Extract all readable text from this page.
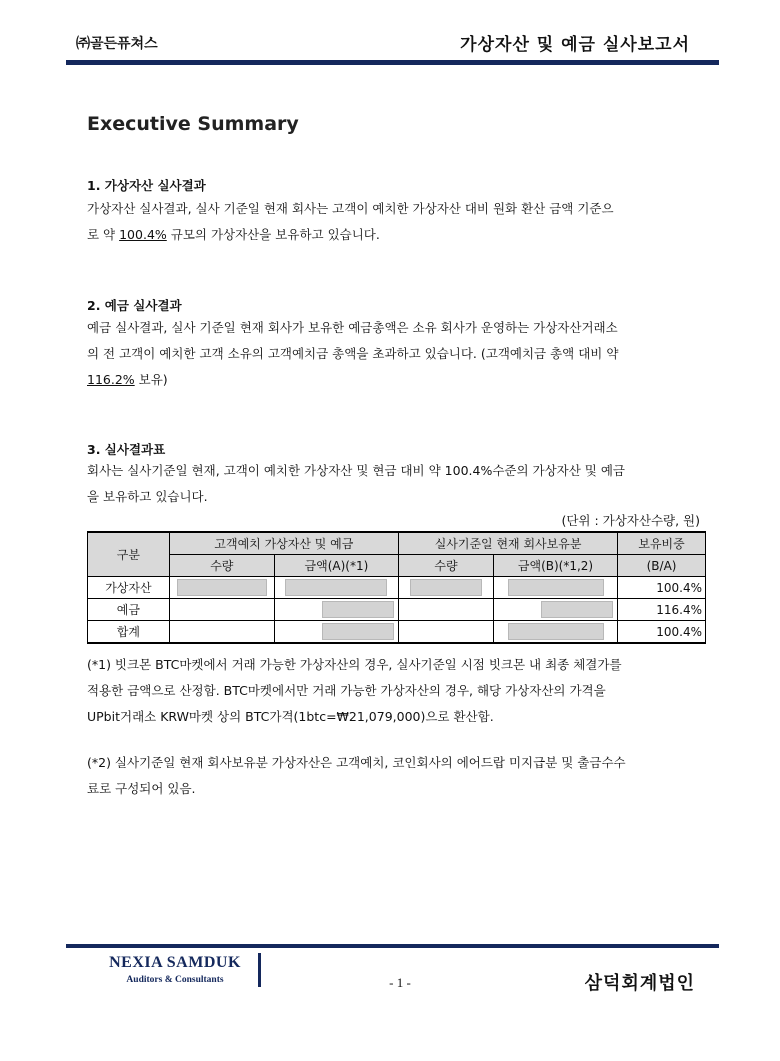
㈜골든퓨쳐스	가상자산 및 예금 실사보고서
Executive Summary
1. 가상자산 실사결과
가상자산 실사결과, 실사 기준일 현재 회사는 고객이 예치한 가상자산 대비 원화 환산 금액 기준으
로 약 100.4% 규모의 가상자산을 보유하고 있습니다.
2. 예금 실사결과
예금 실사결과, 실사 기준일 현재 회사가 보유한 예금총액은 소유 회사가 운영하는 가상자산거래소
의 전 고객이 예치한 고객 소유의 고객예치금 총액을 초과하고 있습니다. (고객예치금 총액 대비 약
116.2% 보유)
3. 실사결과표
회사는 실사기준일 현재, 고객이 예치한 가상자산 및 현금 대비 약 100.4%수준의 가상자산 및 예금
을 보유하고 있습니다.
(단위 : 가상자산수량, 원)
구분	고객예치 가상자산 및 예금		실사기준일 현재 회사보유분		보유비중
	수량	금액(A)(*1)	수량	금액(B)(*1,2)	(B/A)
가상자산					100.4%
예금					116.4%
합계					100.4%
(*1) 빗크몬 BTC마켓에서 거래 가능한 가상자산의 경우, 실사기준일 시점 빗크몬 내 최종 체결가를
적용한 금액으로 산정함. BTC마켓에서만 거래 가능한 가상자산의 경우, 해당 가상자산의 가격을
UPbit거래소 KRW마켓 상의 BTC가격(1btc=₩21,079,000)으로 환산함.
(*2) 실사기준일 현재 회사보유분 가상자산은 고객예치, 코인회사의 에어드랍 미지급분 및 출금수수
료로 구성되어 있음.
NEXIA SAMDUK
Auditors & Consultants	- 1 -	삼덕회계법인
